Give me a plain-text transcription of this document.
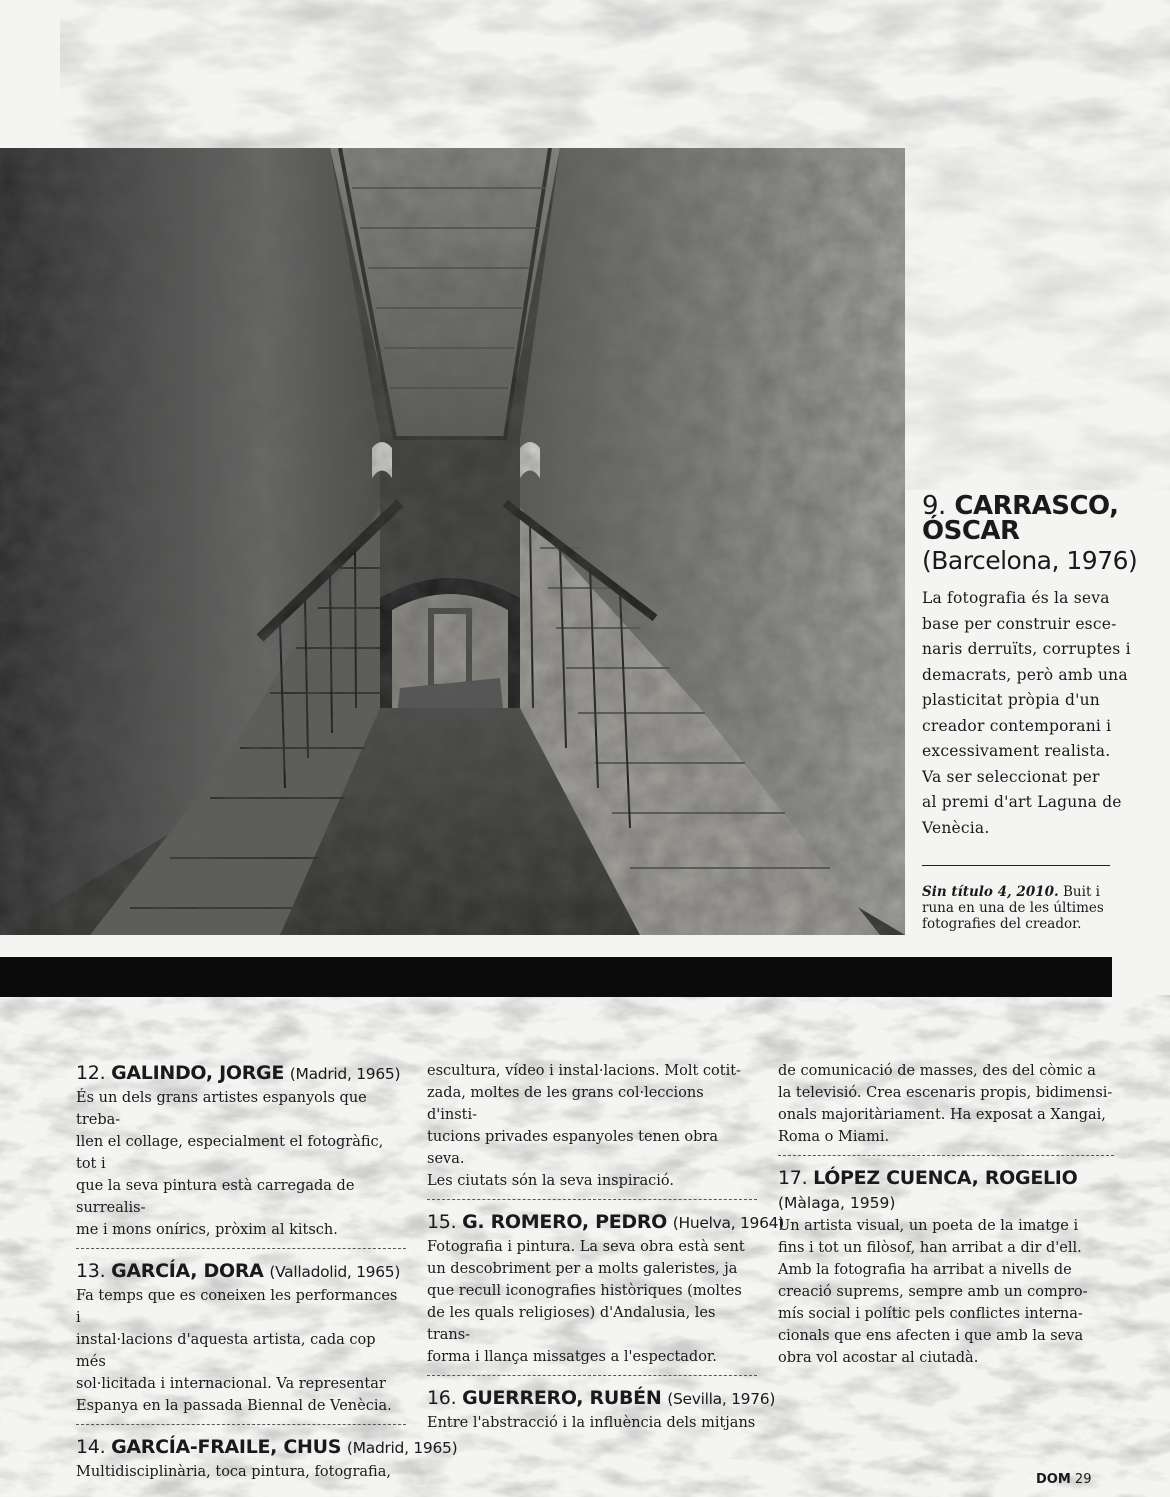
9. CARRASCO,
ÓSCAR
(Barcelona, 1976)
La fotografia és la seva
base per construir esce-
naris derruïts, corruptes i
demacrats, però amb una
plasticitat pròpia d'un
creador contemporani i
excessivament realista.
Va ser seleccionat per
al premi d'art Laguna de
Venècia.
Sin título 4, 2010. Buit i runa en una de les últimes fotografies del creador.
12. GALINDO, JORGE (Madrid, 1965)
És un dels grans artistes espanyols que treba-
llen el collage, especialment el fotogràfic, tot i
que la seva pintura està carregada de surrealis-
me i mons onírics, pròxim al kitsch.
13. GARCÍA, DORA (Valladolid, 1965)
Fa temps que es coneixen les performances i
instal·lacions d'aquesta artista, cada cop més
sol·licitada i internacional. Va representar
Espanya en la passada Biennal de Venècia.
14. GARCÍA-FRAILE, CHUS (Madrid, 1965)
Multidisciplinària, toca pintura, fotografia,
escultura, vídeo i instal·lacions. Molt cotit-
zada, moltes de les grans col·leccions d'insti-
tucions privades espanyoles tenen obra seva.
Les ciutats són la seva inspiració.
15. G. ROMERO, PEDRO (Huelva, 1964)
Fotografia i pintura. La seva obra està sent
un descobriment per a molts galeristes, ja
que recull iconografies històriques (moltes
de les quals religioses) d'Andalusia, les trans-
forma i llança missatges a l'espectador.
16. GUERRERO, RUBÉN (Sevilla, 1976)
Entre l'abstracció i la influència dels mitjans
de comunicació de masses, des del còmic a
la televisió. Crea escenaris propis, bidimensi-
onals majoritàriament. Ha exposat a Xangai,
Roma o Miami.
17. LÓPEZ CUENCA, ROGELIO
(Màlaga, 1959)
Un artista visual, un poeta de la imatge i
fins i tot un filòsof, han arribat a dir d'ell.
Amb la fotografia ha arribat a nivells de
creació suprems, sempre amb un compro-
mís social i polític pels conflictes interna-
cionals que ens afecten i que amb la seva
obra vol acostar al ciutadà.
DOM 29
